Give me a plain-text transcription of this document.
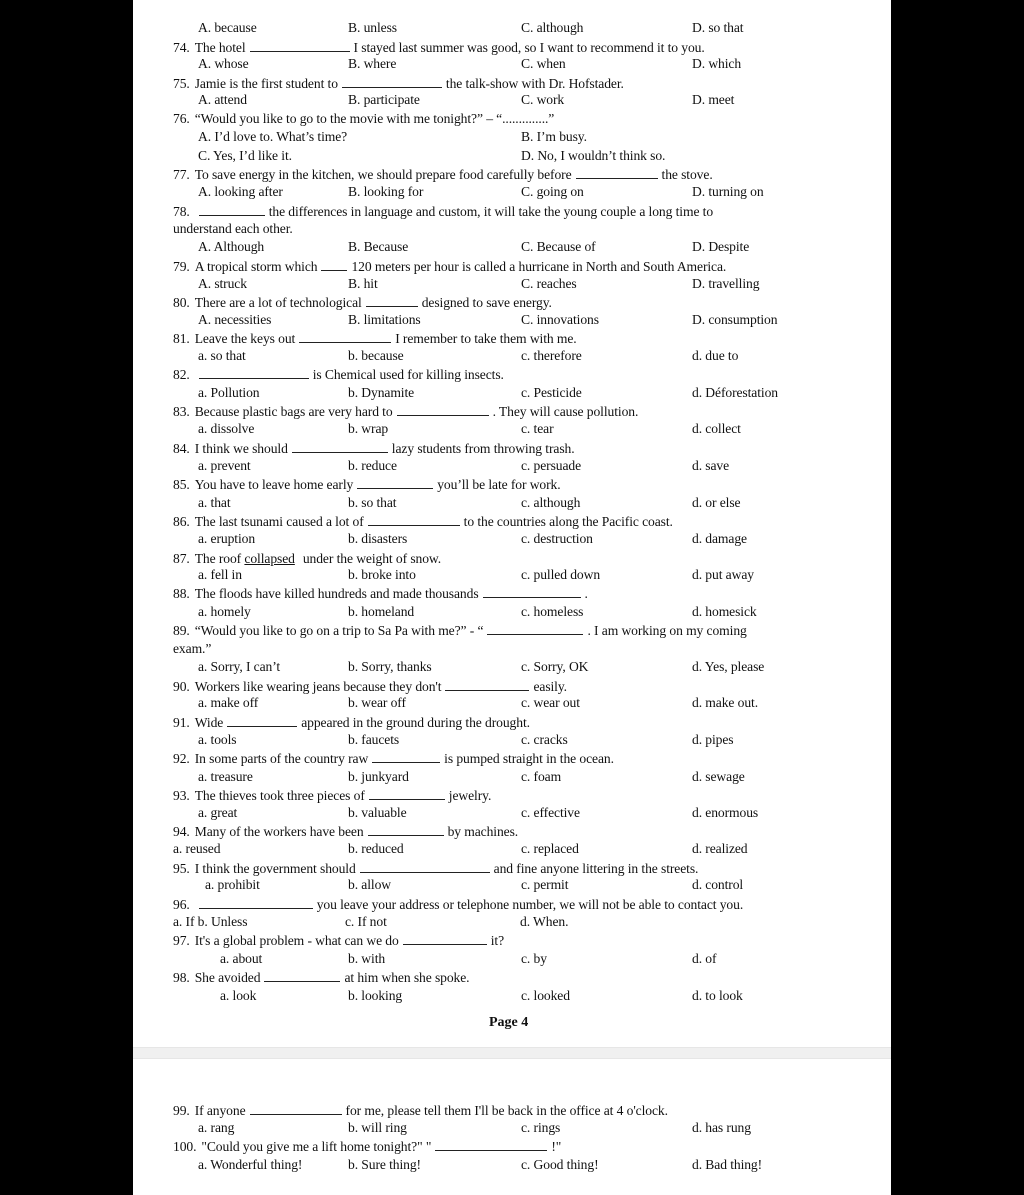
A. because	B. unless	C. although	D. so that
74. The hotel	I stayed last summer was good, so I want to recommend it to you.
A. whose	B. where	C. when	D. which
75. Jamie is the first student to	the talk-show with Dr. Hofstader.
A. attend	B. participate	C. work	D. meet
76. “Would you like to go to the movie with me tonight?” – “..............”
A. I’d love to. What’s time?	B. I’m busy.
C. Yes, I’d like it.	D. No, I wouldn’t think so.
77. To save energy in the kitchen, we should prepare food carefully before	the stove.
A. looking after	B. looking for	C. going on	D. turning on
78.	the differences in language and custom, it will take the young couple a long time to
understand each other.
A. Although	B. Because	C. Because of	D. Despite
79. A tropical storm which	120 meters per hour is called a hurricane in North and South America.
A. struck	B. hit	C. reaches	D. travelling
80. There are a lot of technological	designed to save energy.
A. necessities	B. limitations	C. innovations	D. consumption
81. Leave the keys out	I remember to take them with me.
a. so that	b. because	c. therefore	d. due to
82.	is Chemical used for killing insects.
a. Pollution	b. Dynamite	c. Pesticide	d. Déforestation
83. Because plastic bags are very hard to	. They will cause pollution.
a. dissolve	b. wrap	c. tear	d. collect
84. I think we should	lazy students from throwing trash.
a. prevent	b. reduce	c. persuade	d. save
85. You have to leave home early	you’ll be late for work.
a. that	b. so that	c. although	d. or else
86. The last tsunami caused a lot of	to the countries along the Pacific coast.
a. eruption	b. disasters	c. destruction	d. damage
87. The roof collapsed under the weight of snow.
a. fell in	b. broke into	c. pulled down	d. put away
88. The floods have killed hundreds and made thousands	.
a. homely	b. homeland	c. homeless	d. homesick
89. “Would you like to go on a trip to Sa Pa with me?” - “	. I am working on my coming
exam.”
a. Sorry, I can’t	b. Sorry, thanks	c. Sorry, OK	d. Yes, please
90. Workers like wearing jeans because they don't	easily.
a. make off	b. wear off	c. wear out	d. make out.
91. Wide	appeared in the ground during the drought.
a. tools	b. faucets	c. cracks	d. pipes
92. In some parts of the country raw	is pumped straight in the ocean.
a. treasure	b. junkyard	c. foam	d. sewage
93. The thieves took three pieces of	jewelry.
a. great	b. valuable	c. effective	d. enormous
94. Many of the workers have been	by machines.
a. reused	b. reduced	c. replaced	d. realized
95. I think the government should	and fine anyone littering in the streets.
a. prohibit	b. allow	c. permit	d. control
96.	you leave your address or telephone number, we will not be able to contact you.
a. If b. Unless	c. If not	d. When.
97. It's a global problem - what can we do	it?
a. about	b. with	c. by	d. of
98. She avoided	at him when she spoke.
a. look	b. looking	c. looked	d. to look
99. If anyone	for me, please tell them I'll be back in the office at 4 o'clock.
a. rang	b. will ring	c. rings	d. has rung
100. "Could you give me a lift home tonight?" "	!"
a. Wonderful thing!	b. Sure thing!	c. Good thing!	d. Bad thing!
Page 4
